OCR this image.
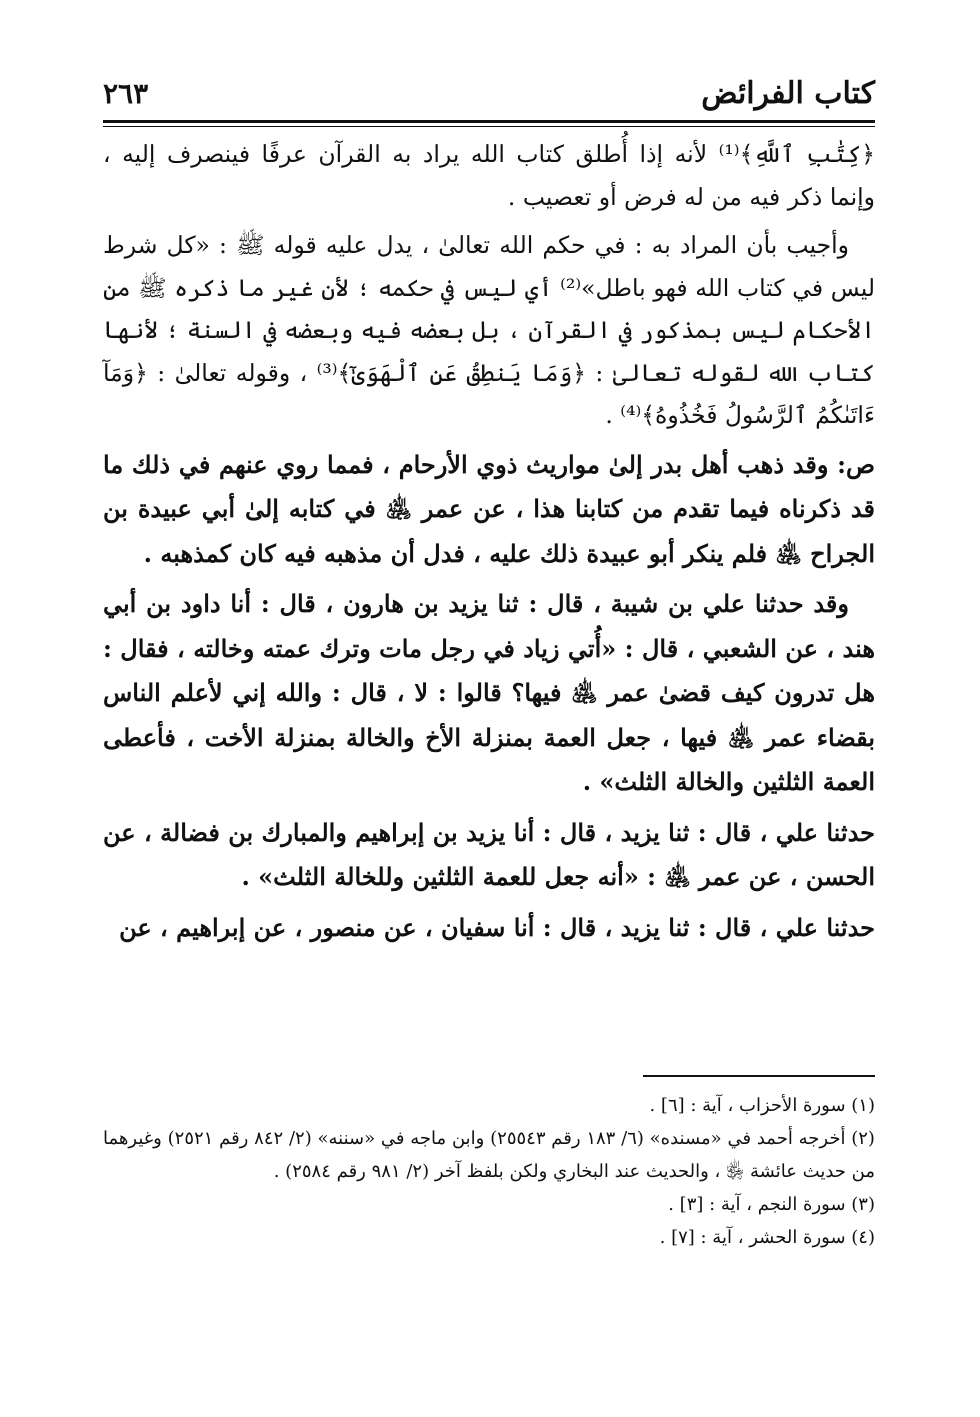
كتاب الفرائض
٢٦٣

﴿كِتَٰبِ ٱللَّهِ﴾⁽¹⁾ لأنه إذا أُطلق كتاب الله يراد به القرآن عرفًا فينصرف إليه ، وإنما ذكر فيه من له فرض أو تعصيب .

وأجيب بأن المراد به : في حكم الله تعالىٰ ، يدل عليه قوله ﷺ : «كل شرط ليس في كتاب الله فهو باطل»⁽²⁾ أي ليس في حكمه ؛ لأن غير ما ذكره ﷺ من الأحكام ليس بمذكور في القرآن ، بل بعضه فيه وبعضه في السنة ؛ لأنها كتاب الله لقوله تعالىٰ : ﴿وَمَا يَنطِقُ عَنِ ٱلْهَوَىٰٓ﴾⁽³⁾ ، وقوله تعالىٰ : ﴿وَمَآ ءَاتَىٰكُمُ ٱلرَّسُولُ فَخُذُوهُ﴾⁽⁴⁾ .

ص: وقد ذهب أهل بدر إلىٰ مواريث ذوي الأرحام ، فمما روي عنهم في ذلك ما قد ذكرناه فيما تقدم من كتابنا هذا ، عن عمر ﵁ في كتابه إلىٰ أبي عبيدة بن الجراح ﵁ فلم ينكر أبو عبيدة ذلك عليه ، فدل أن مذهبه فيه كان كمذهبه .

وقد حدثنا علي بن شيبة ، قال : ثنا يزيد بن هارون ، قال : أنا داود بن أبي هند ، عن الشعبي ، قال : «أُتي زياد في رجل مات وترك عمته وخالته ، فقال : هل تدرون كيف قضىٰ عمر ﵁ فيها؟ قالوا : لا ، قال : والله إني لأعلم الناس بقضاء عمر ﵁ فيها ، جعل العمة بمنزلة الأخ والخالة بمنزلة الأخت ، فأعطى العمة الثلثين والخالة الثلث» .

حدثنا علي ، قال : ثنا يزيد ، قال : أنا يزيد بن إبراهيم والمبارك بن فضالة ، عن الحسن ، عن عمر ﵁ : «أنه جعل للعمة الثلثين وللخالة الثلث» .

حدثنا علي ، قال : ثنا يزيد ، قال : أنا سفيان ، عن منصور ، عن إبراهيم ، عن

(١) سورة الأحزاب ، آية : [٦] .

(٢) أخرجه أحمد في «مسنده» (٦/ ١٨٣ رقم ٢٥٥٤٣) وابن ماجه في «سننه» (٢/ ٨٤٢ رقم ٢٥٢١) وغيرهما من حديث عائشة ﵂ ، والحديث عند البخاري ولكن بلفظ آخر (٢/ ٩٨١ رقم ٢٥٨٤) .

(٣) سورة النجم ، آية : [٣] .

(٤) سورة الحشر ، آية : [٧] .
